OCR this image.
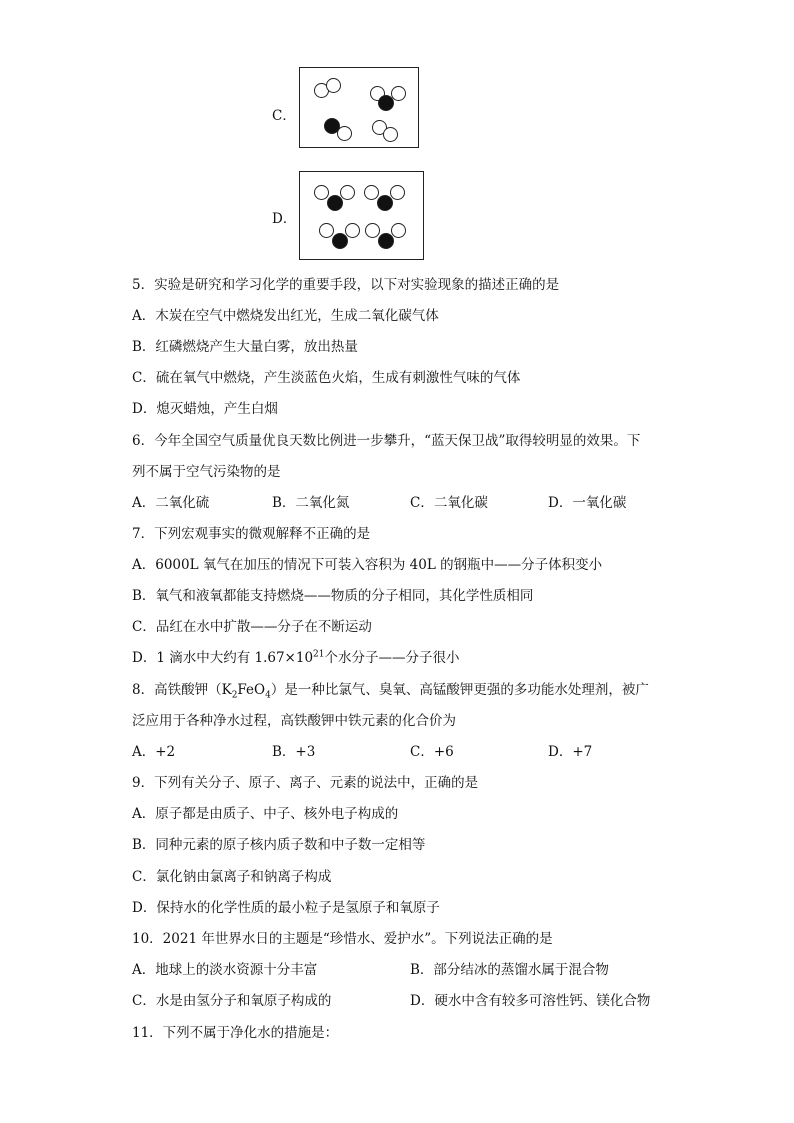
C．
D．
5．实验是研究和学习化学的重要手段，以下对实验现象的描述正确的是
A．木炭在空气中燃烧发出红光，生成二氧化碳气体
B．红磷燃烧产生大量白雾，放出热量
C．硫在氧气中燃烧，产生淡蓝色火焰，生成有刺激性气味的气体
D．熄灭蜡烛，产生白烟
6．今年全国空气质量优良天数比例进一步攀升，“蓝天保卫战”取得较明显的效果。下
列不属于空气污染物的是
A．二氧化硫	B．二氧化氮	C．二氧化碳	D．一氧化碳
7．下列宏观事实的微观解释不正确的是
A．6000L 氧气在加压的情况下可装入容积为 40L 的钢瓶中——分子体积变小
B．氧气和液氧都能支持燃烧——物质的分子相同，其化学性质相同
C．品红在水中扩散——分子在不断运动
D．1 滴水中大约有 $1.67\times 10^{21}$个水分子——分子很小
8．高铁酸钾$(K_2FeO_4)$是一种比氯气、臭氧、高锰酸钾更强的多功能水处理剂，被广
泛应用于各种净水过程，高铁酸钾中铁元素的化合价为
A．+2	B．+3	C．+6	D．+7
9．下列有关分子、原子、离子、元素的说法中，正确的是
A．原子都是由质子、中子、核外电子构成的
B．同种元素的原子核内质子数和中子数一定相等
C．氯化钠由氯离子和钠离子构成
D．保持水的化学性质的最小粒子是氢原子和氧原子
10．2021 年世界水日的主题是“珍惜水、爱护水”。下列说法正确的是
A．地球上的淡水资源十分丰富	B．部分结冰的蒸馏水属于混合物
C．水是由氢分子和氧原子构成的	D．硬水中含有较多可溶性钙、镁化合物
11．下列不属于净化水的措施是：
